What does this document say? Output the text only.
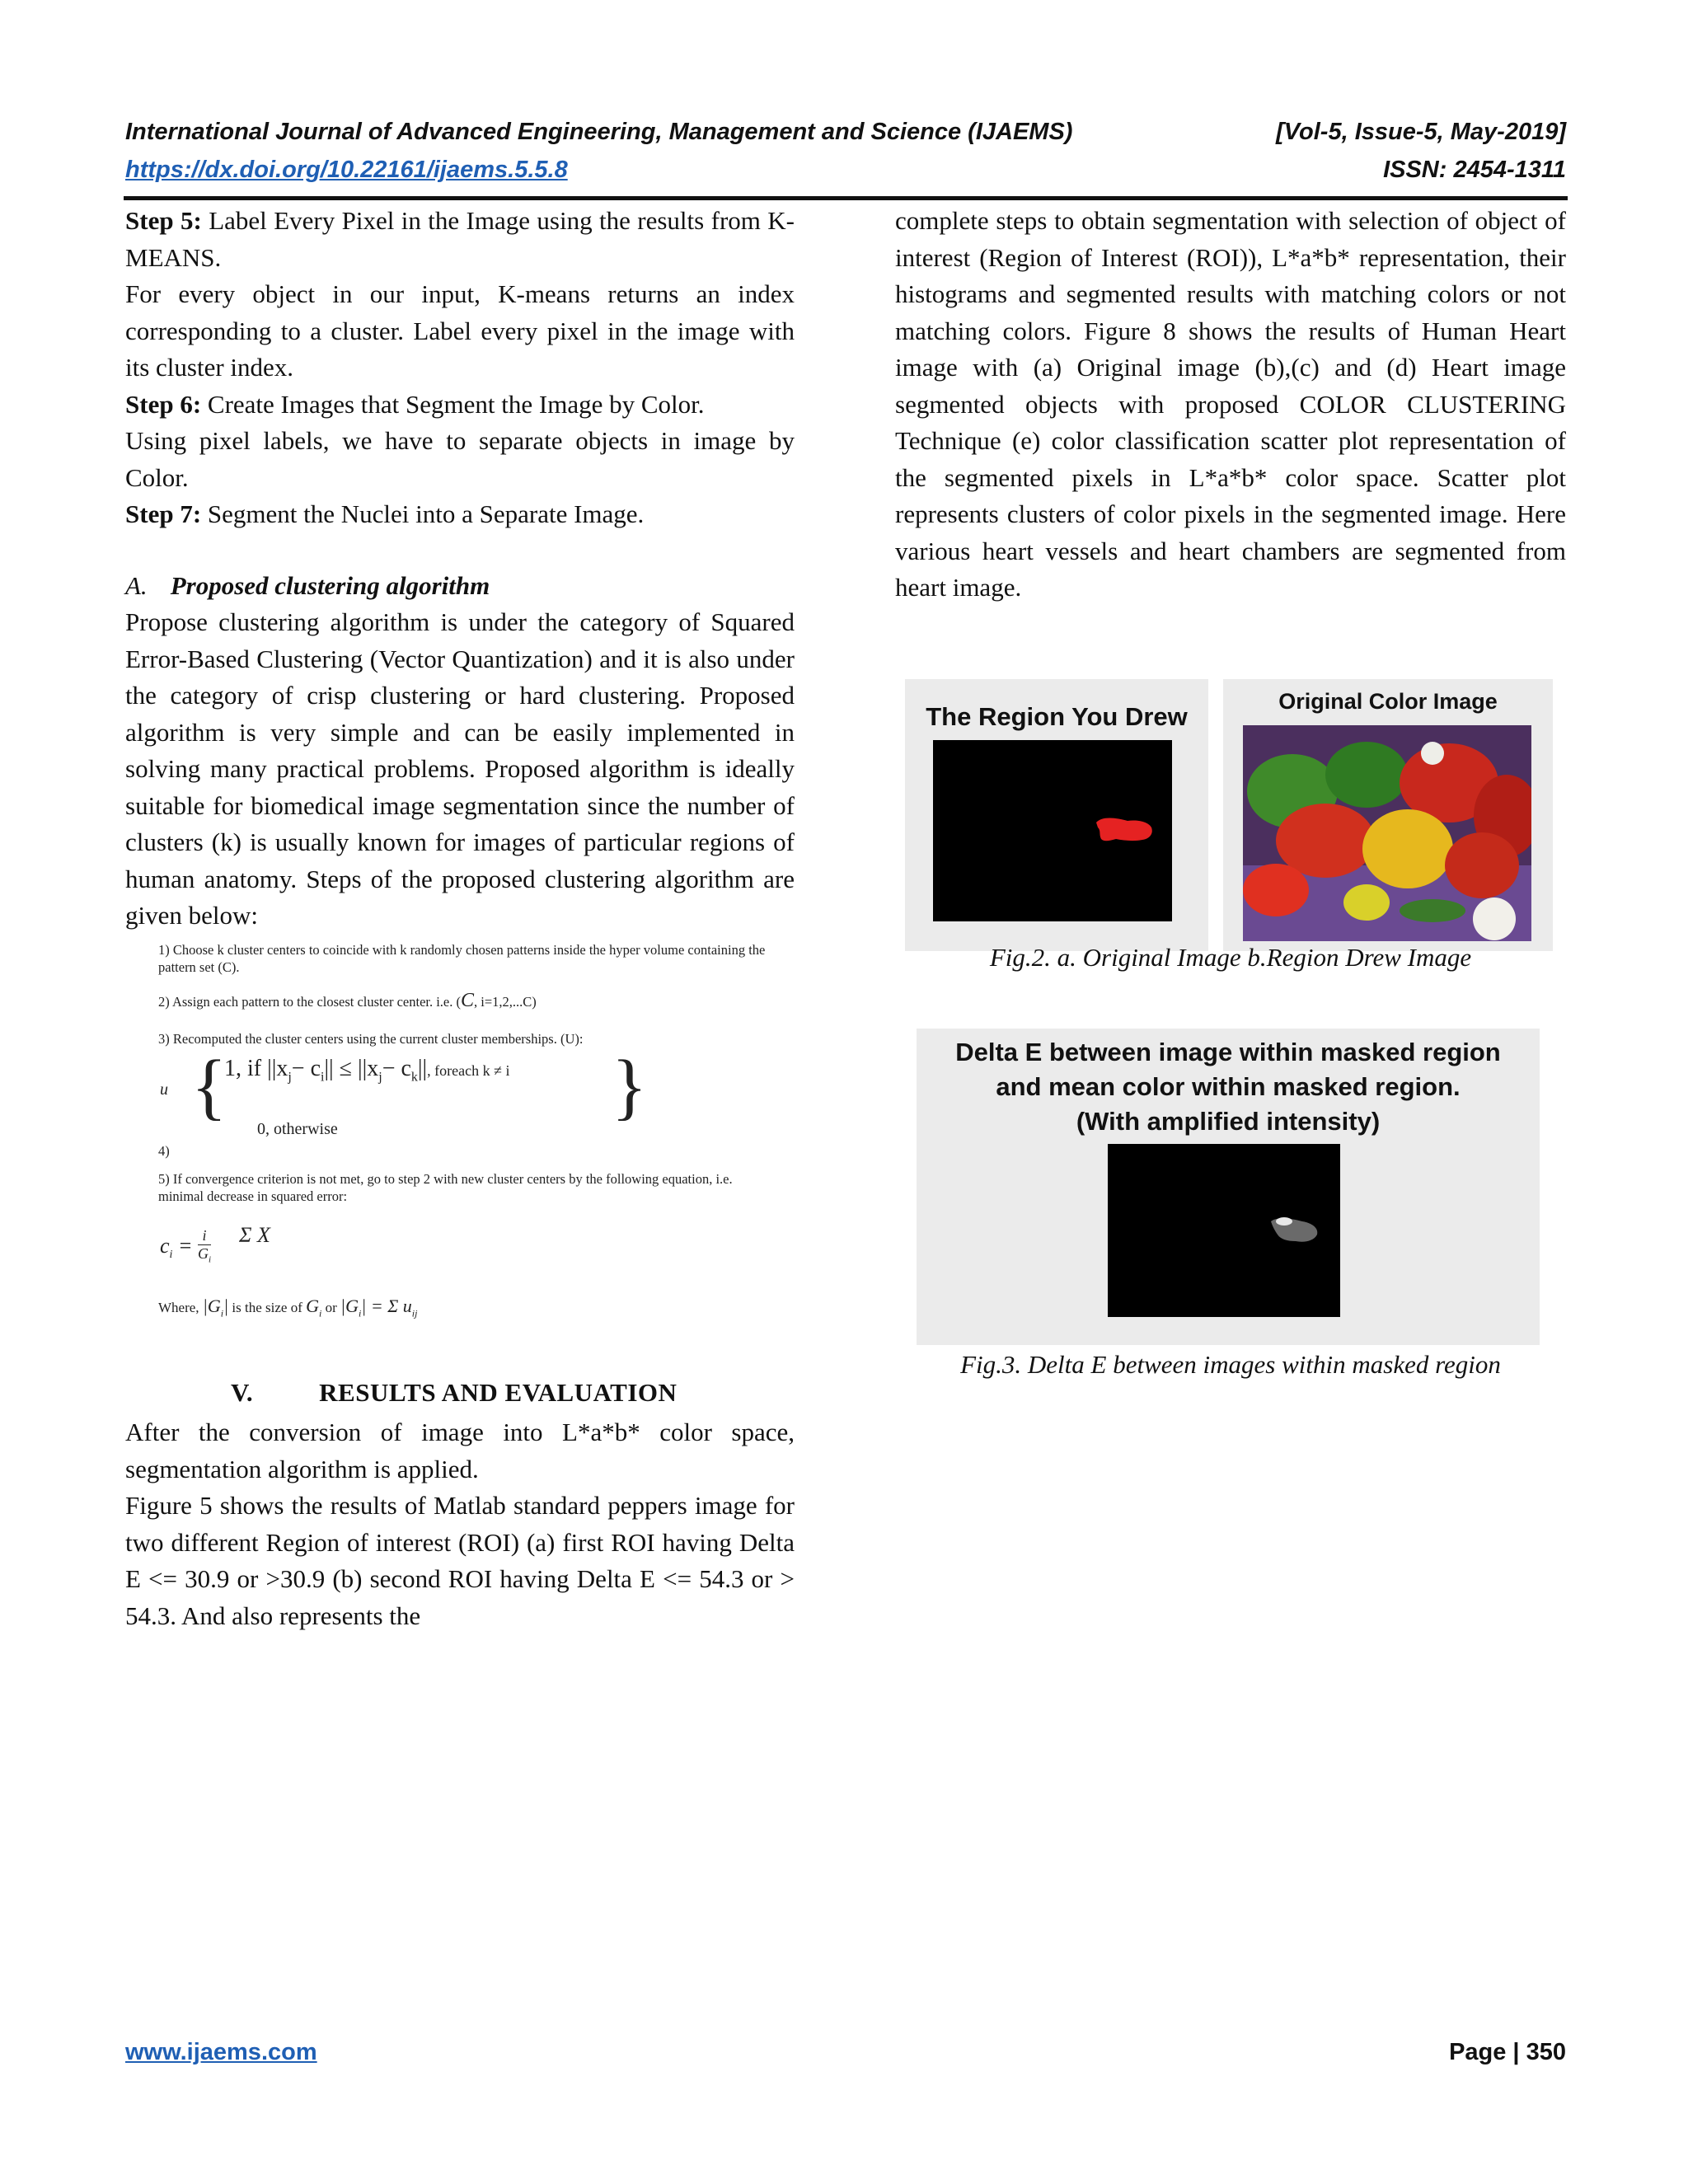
International Journal of Advanced Engineering, Management and Science (IJAEMS)	[Vol-5, Issue-5, May-2019]
https://dx.doi.org/10.22161/ijaems.5.5.8	ISSN: 2454-1311

Step 5: Label Every Pixel in the Image using the results from K-MEANS.

For every object in our input, K-means returns an index corresponding to a cluster. Label every pixel in the image with its cluster index.

Step 6: Create Images that Segment the Image by Color.

Using pixel labels, we have to separate objects in image by Color.

Step 7: Segment the Nuclei into a Separate Image.

A. Proposed clustering algorithm

Propose clustering algorithm is under the category of Squared Error-Based Clustering (Vector Quantization) and it is also under the category of crisp clustering or hard clustering. Proposed algorithm is very simple and can be easily implemented in solving many practical problems. Proposed algorithm is ideally suitable for biomedical image segmentation since the number of clusters (k) is usually known for images of particular regions of human anatomy. Steps of the proposed clustering algorithm are given below:

1) Choose k cluster centers to coincide with k randomly chosen patterns inside the hyper volume containing the pattern set (C).
2) Assign each pattern to the closest cluster center. i.e. (C, i=1,2,...C)
3) Recomputed the cluster centers using the current cluster memberships. (U):
u {
1, if $||x_j- c_i|| \le ||x_j- c_k||$, foreach k ≠ i }
0, otherwise
4)
5) If convergence criterion is not met, go to step 2 with new cluster centers by the following equation, i.e. minimal decrease in squared error:
$c_i = i$
$G_i$
Σ X
Where, $|G_i|$ is the size of $G_i$ or $|G_i| = \Sigma$ $u_{ij}$
V.	RESULTS AND EVALUATION

After the conversion of image into L*a*b* color space, segmentation algorithm is applied.

Figure 5 shows the results of Matlab standard peppers image for two different Region of interest (ROI) (a) first ROI having Delta E <= 30.9 or >30.9 (b) second ROI having Delta E <= 54.3 or > 54.3. And also represents the

complete steps to obtain segmentation with selection of object of interest (Region of Interest (ROI)), L*a*b* representation, their histograms and segmented results with matching colors or not matching colors. Figure 8 shows the results of Human Heart image with (a) Original image (b),(c) and (d) Heart image segmented objects with proposed COLOR CLUSTERING Technique (e) color classification scatter plot representation of the segmented pixels in L*a*b* color space. Scatter plot represents clusters of color pixels in the segmented image. Here various heart vessels and heart chambers are segmented from heart image.

The Region You Drew
Original Color Image
Fig.2. a. Original Image b.Region Drew Image
Delta E between image within masked region
and mean color within masked region.
(With amplified intensity)
Fig.3. Delta E between images within masked region
www.ijaems.com	Page | 350
